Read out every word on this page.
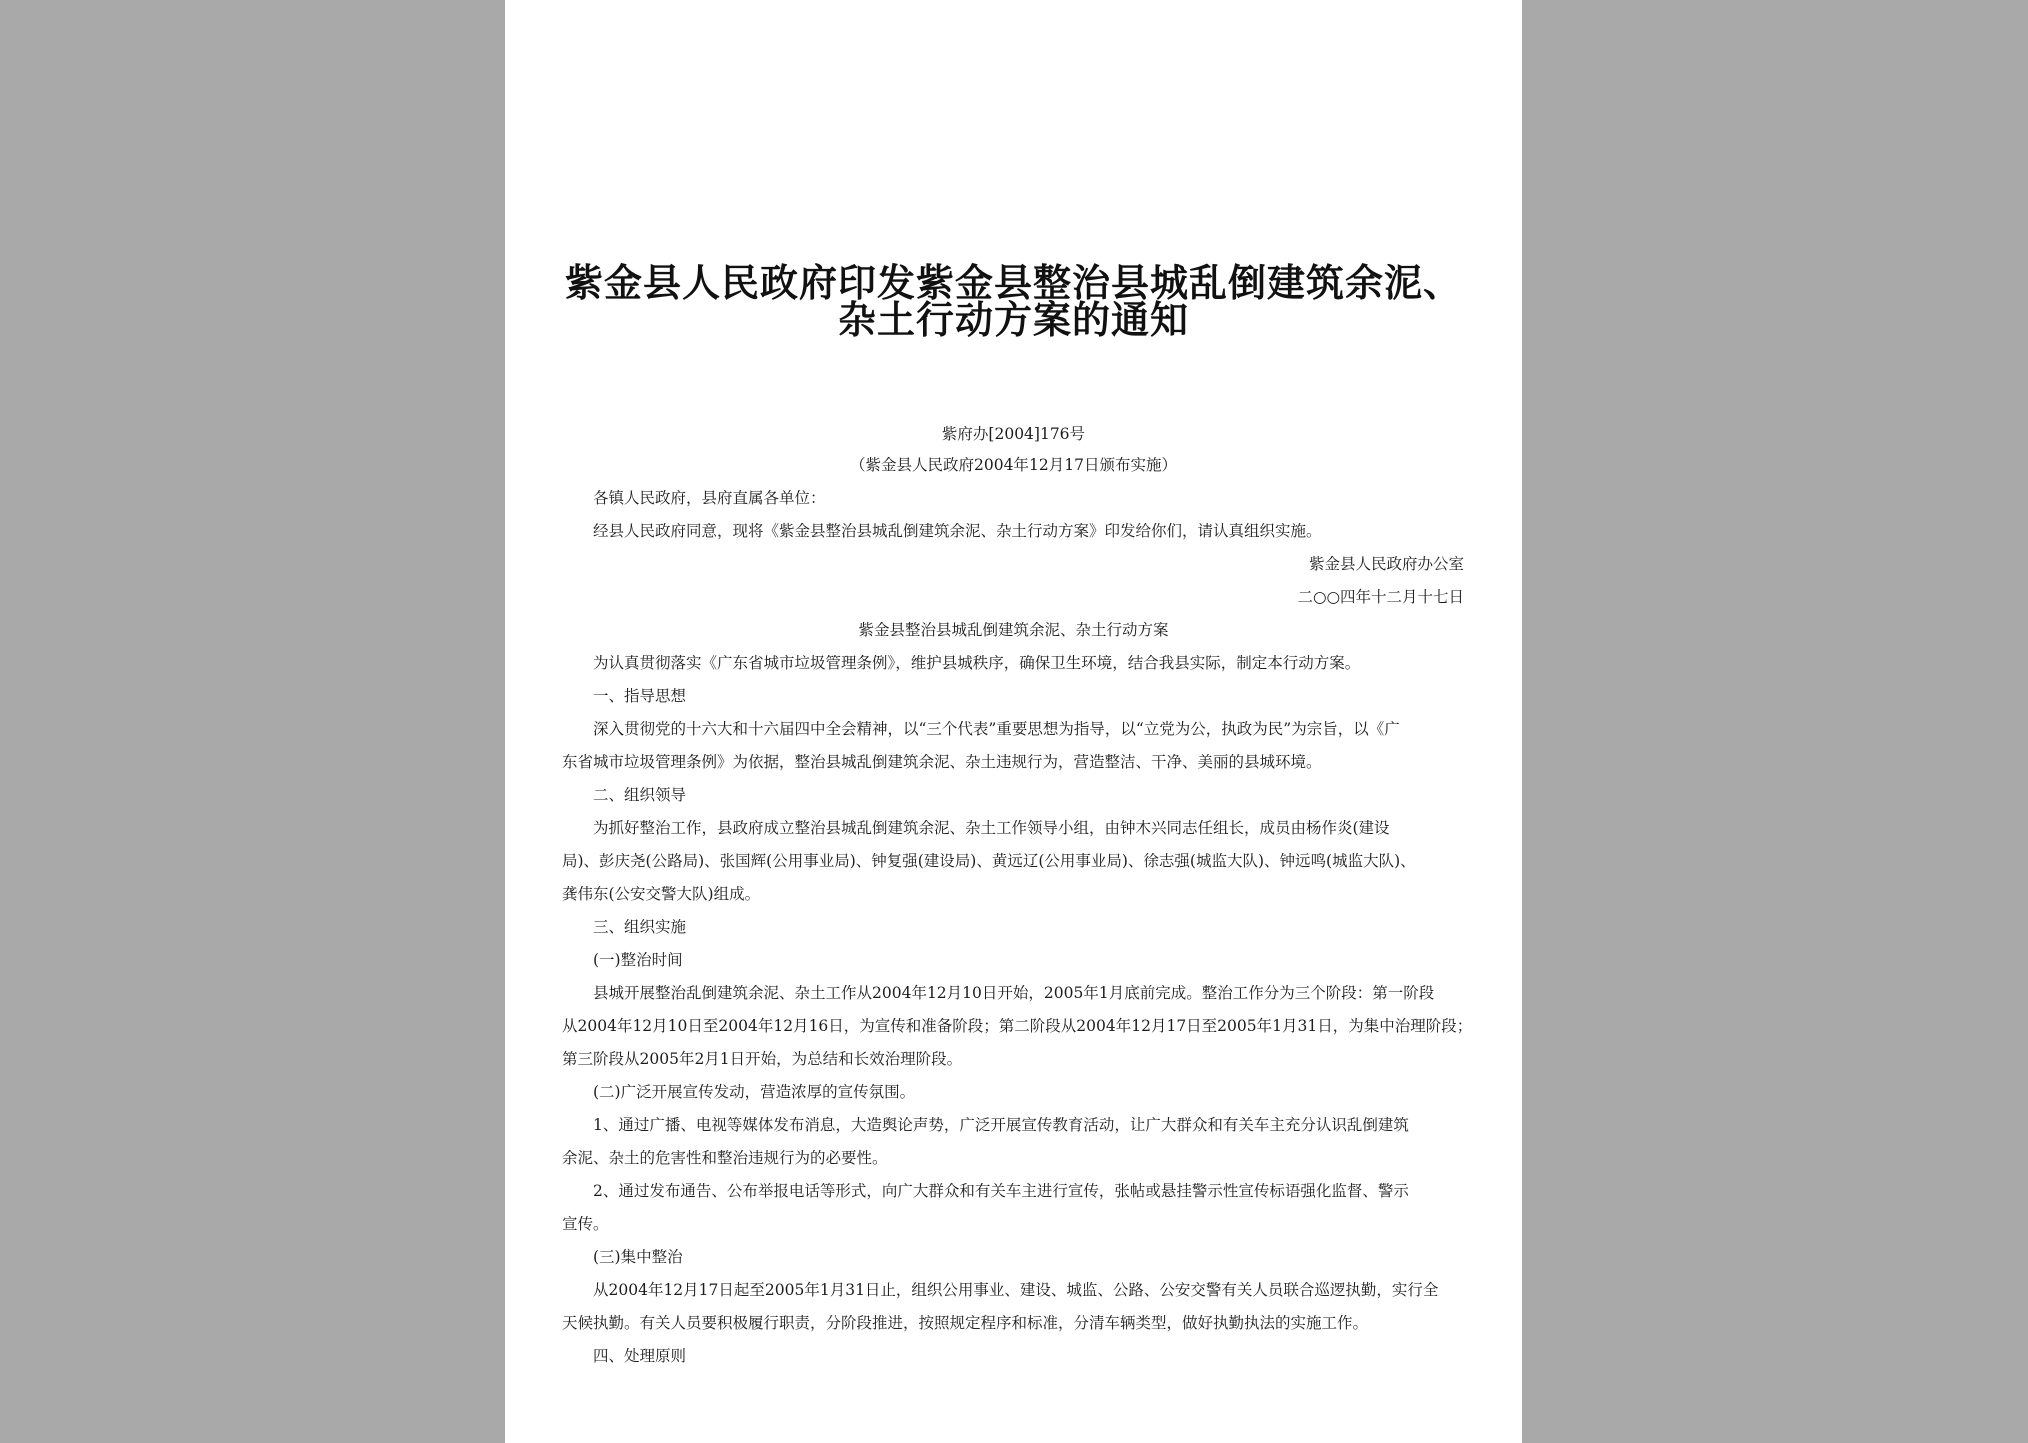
紫金县人民政府印发紫金县整治县城乱倒建筑余泥、
杂土行动方案的通知
紫府办[2004]176号
（紫金县人民政府2004年12月17日颁布实施）
各镇人民政府，县府直属各单位：
经县人民政府同意，现将《紫金县整治县城乱倒建筑余泥、杂土行动方案》印发给你们，请认真组织实施。
紫金县人民政府办公室
二○○四年十二月十七日
紫金县整治县城乱倒建筑余泥、杂土行动方案
为认真贯彻落实《广东省城市垃圾管理条例》，维护县城秩序，确保卫生环境，结合我县实际，制定本行动方案。
一、指导思想
深入贯彻党的十六大和十六届四中全会精神，以“三个代表”重要思想为指导，以“立党为公，执政为民”为宗旨，以《广
东省城市垃圾管理条例》为依据，整治县城乱倒建筑余泥、杂土违规行为，营造整洁、干净、美丽的县城环境。
二、组织领导
为抓好整治工作，县政府成立整治县城乱倒建筑余泥、杂土工作领导小组，由钟木兴同志任组长，成员由杨作炎(建设
局)、彭庆尧(公路局)、张国辉(公用事业局)、钟复强(建设局)、黄远辽(公用事业局)、徐志强(城监大队)、钟远鸣(城监大队)、
龚伟东(公安交警大队)组成。
三、组织实施
(一)整治时间
县城开展整治乱倒建筑余泥、杂土工作从2004年12月10日开始，2005年1月底前完成。整治工作分为三个阶段：第一阶段
从2004年12月10日至2004年12月16日，为宣传和准备阶段；第二阶段从2004年12月17日至2005年1月31日，为集中治理阶段；
第三阶段从2005年2月1日开始，为总结和长效治理阶段。
(二)广泛开展宣传发动，营造浓厚的宣传氛围。
1、通过广播、电视等媒体发布消息，大造舆论声势，广泛开展宣传教育活动，让广大群众和有关车主充分认识乱倒建筑
余泥、杂土的危害性和整治违规行为的必要性。
2、通过发布通告、公布举报电话等形式，向广大群众和有关车主进行宣传，张帖或悬挂警示性宣传标语强化监督、警示
宣传。
(三)集中整治
从2004年12月17日起至2005年1月31日止，组织公用事业、建设、城监、公路、公安交警有关人员联合巡逻执勤，实行全
天候执勤。有关人员要积极履行职责，分阶段推进，按照规定程序和标准，分清车辆类型，做好执勤执法的实施工作。
四、处理原则
